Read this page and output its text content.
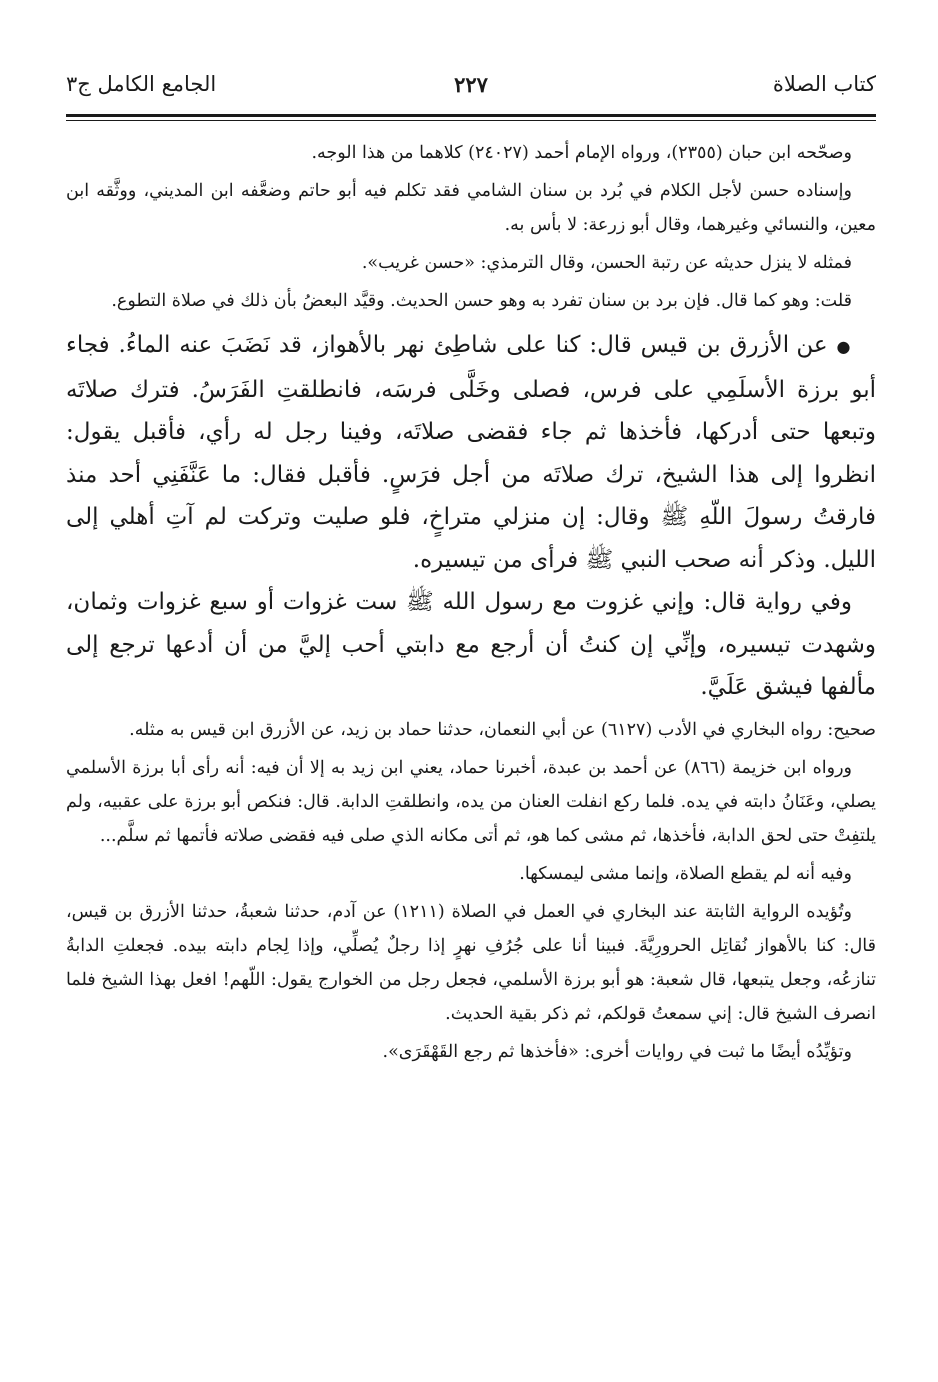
كتاب الصلاة
٢٢٧
الجامع الكامل ج٣

وصحّحه ابن حبان (٢٣٥٥)، ورواه الإمام أحمد (٢٤٠٢٧) كلاهما من هذا الوجه.

وإسناده حسن لأجل الكلام في بُرد بن سنان الشامي فقد تكلم فيه أبو حاتم وضعَّفه ابن المديني، ووثَّقه ابن معين، والنسائي وغيرهما، وقال أبو زرعة: لا بأس به.

فمثله لا ينزل حديثه عن رتبة الحسن، وقال الترمذي: «حسن غريب».

قلت: وهو كما قال. فإن برد بن سنان تفرد به وهو حسن الحديث. وقيَّد البعضُ بأن ذلك في صلاة التطوع.

● عن الأزرق بن قيس قال: كنا على شاطِئ نهر بالأهواز، قد نَضَبَ عنه الماءُ. فجاء أبو برزة الأسلَمِي على فرس، فصلى وخَلَّى فرسَه، فانطلقتِ الفَرَسُ. فترك صلاتَه وتبعها حتى أدركها، فأخذها ثم جاء فقضى صلاتَه، وفينا رجل له رأي، فأقبل يقول: انظروا إلى هذا الشيخ، ترك صلاتَه من أجل فرَسٍ. فأقبل فقال: ما عَنَّفَنِي أحد منذ فارقتُ رسولَ اللّهِ ﷺ وقال: إن منزلي متراخٍ، فلو صليت وتركت لم آتِ أهلي إلى الليل. وذكر أنه صحب النبي ﷺ فرأى من تيسيره.

وفي رواية قال: وإني غزوت مع رسول الله ﷺ ست غزوات أو سبع غزوات وثمان، وشهدت تيسيره، وإنِّي إن كنتُ أن أرجع مع دابتي أحب إليَّ من أن أدعها ترجع إلى مألفها فيشق عَلَيَّ.

صحيح: رواه البخاري في الأدب (٦١٢٧) عن أبي النعمان، حدثنا حماد بن زيد، عن الأزرق ابن قيس به مثله.

ورواه ابن خزيمة (٨٦٦) عن أحمد بن عبدة، أخبرنا حماد، يعني ابن زيد به إلا أن فيه: أنه رأى أبا برزة الأسلمي يصلي، وعَنَانُ دابته في يده. فلما ركع انفلت العنان من يده، وانطلقتِ الدابة. قال: فنكص أبو برزة على عقبيه، ولم يلتفِتْ حتى لحق الدابة، فأخذها، ثم مشى كما هو، ثم أتى مكانه الذي صلى فيه فقضى صلاته فأتمها ثم سلَّم...

وفيه أنه لم يقطع الصلاة، وإنما مشى ليمسكها.

وتُؤيده الرواية الثابتة عند البخاري في العمل في الصلاة (١٢١١) عن آدم، حدثنا شعبةُ، حدثنا الأزرق بن قيس، قال: كنا بالأهواز نُقاتِل الحرورِيَّةَ. فبينا أنا على جُرُفِ نهرٍ إذا رجلٌ يُصلِّي، وإذا لِجام دابته بيده. فجعلتِ الدابةُ تنازعُه، وجعل يتبعها، قال شعبة: هو أبو برزة الأسلمي، فجعل رجل من الخوارج يقول: اللّهم! افعل بهذا الشيخ فلما انصرف الشيخ قال: إني سمعتُ قولكم، ثم ذكر بقية الحديث.

وتؤيِّدُه أيضًا ما ثبت في روايات أخرى: «فأخذها ثم رجع القَهْقَرَى».
